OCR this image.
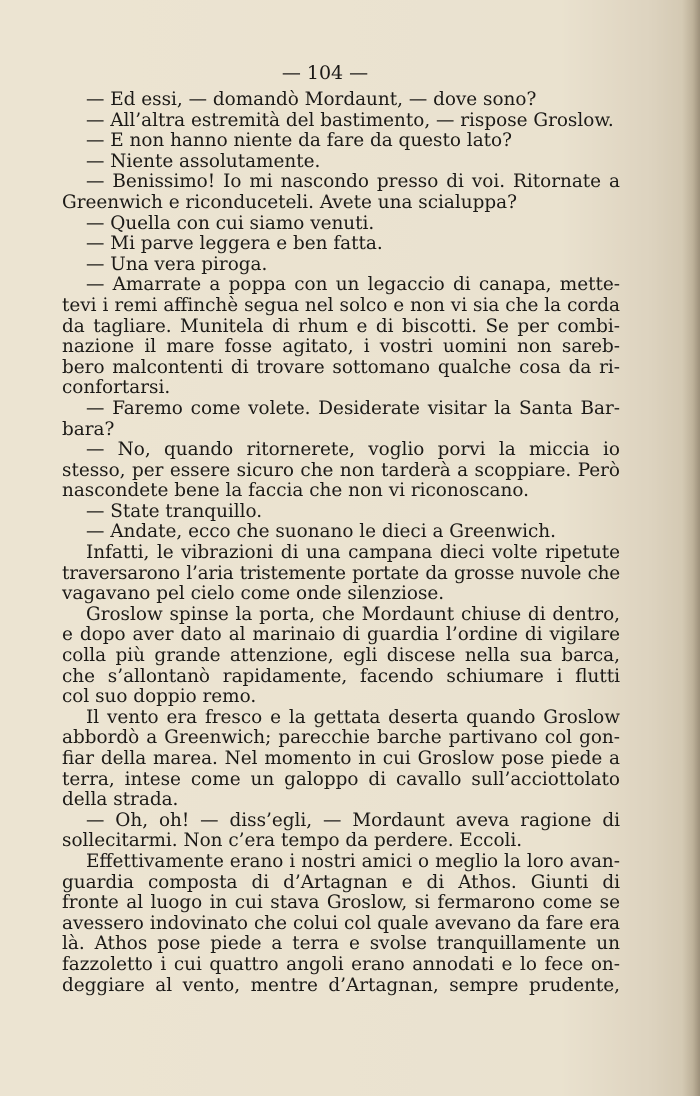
— 104 —
— Ed essi, — domandò Mordaunt, — dove sono?
— All’altra estremità del bastimento, — rispose Groslow.
— E non hanno niente da fare da questo lato?
— Niente assolutamente.
— Benissimo! Io mi nascondo presso di voi. Ritornate a
Greenwich e riconduceteli. Avete una scialuppa?
— Quella con cui siamo venuti.
— Mi parve leggera e ben fatta.
— Una vera piroga.
— Amarrate a poppa con un legaccio di canapa, mette-
tevi i remi affinchè segua nel solco e non vi sia che la corda
da tagliare. Munitela di rhum e di biscotti. Se per combi-
nazione il mare fosse agitato, i vostri uomini non sareb-
bero malcontenti di trovare sottomano qualche cosa da ri-
confortarsi.
— Faremo come volete. Desiderate visitar la Santa Bar-
bara?
— No, quando ritornerete, voglio porvi la miccia io
stesso, per essere sicuro che non tarderà a scoppiare. Però
nascondete bene la faccia che non vi riconoscano.
— State tranquillo.
— Andate, ecco che suonano le dieci a Greenwich.
Infatti, le vibrazioni di una campana dieci volte ripetute
traversarono l’aria tristemente portate da grosse nuvole che
vagavano pel cielo come onde silenziose.
Groslow spinse la porta, che Mordaunt chiuse di dentro,
e dopo aver dato al marinaio di guardia l’ordine di vigilare
colla più grande attenzione, egli discese nella sua barca,
che s’allontanò rapidamente, facendo schiumare i flutti
col suo doppio remo.
Il vento era fresco e la gettata deserta quando Groslow
abbordò a Greenwich; parecchie barche partivano col gon-
fiar della marea. Nel momento in cui Groslow pose piede a
terra, intese come un galoppo di cavallo sull’acciottolato
della strada.
— Oh, oh! — diss’egli, — Mordaunt aveva ragione di
sollecitarmi. Non c’era tempo da perdere. Eccoli.
Effettivamente erano i nostri amici o meglio la loro avan-
guardia composta di d’Artagnan e di Athos. Giunti di
fronte al luogo in cui stava Groslow, si fermarono come se
avessero indovinato che colui col quale avevano da fare era
là. Athos pose piede a terra e svolse tranquillamente un
fazzoletto i cui quattro angoli erano annodati e lo fece on-
deggiare al vento, mentre d’Artagnan, sempre prudente,
